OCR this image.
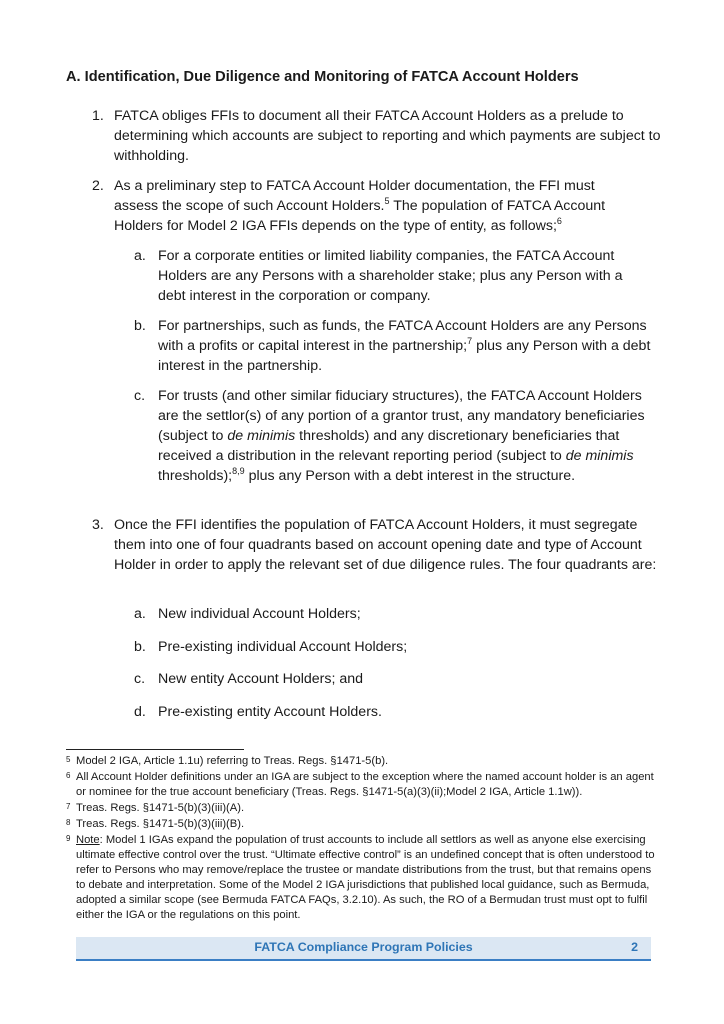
A. Identification, Due Diligence and Monitoring of FATCA Account Holders
1. FATCA obliges FFIs to document all their FATCA Account Holders as a prelude to determining which accounts are subject to reporting and which payments are subject to withholding.
2. As a preliminary step to FATCA Account Holder documentation, the FFI must assess the scope of such Account Holders.$^5$ The population of FATCA Account Holders for Model 2 IGA FFIs depends on the type of entity, as follows;$^6$
a. For a corporate entities or limited liability companies, the FATCA Account Holders are any Persons with a shareholder stake; plus any Person with a debt interest in the corporation or company.
b. For partnerships, such as funds, the FATCA Account Holders are any Persons with a profits or capital interest in the partnership;$^7$ plus any Person with a debt interest in the partnership.
c. For trusts (and other similar fiduciary structures), the FATCA Account Holders are the settlor(s) of any portion of a grantor trust, any mandatory beneficiaries (subject to de minimis thresholds) and any discretionary beneficiaries that received a distribution in the relevant reporting period (subject to de minimis thresholds);$^{8,9}$ plus any Person with a debt interest in the structure.
3. Once the FFI identifies the population of FATCA Account Holders, it must segregate them into one of four quadrants based on account opening date and type of Account Holder in order to apply the relevant set of due diligence rules. The four quadrants are:
a. New individual Account Holders;
b. Pre-existing individual Account Holders;
c. New entity Account Holders; and
d. Pre-existing entity Account Holders.

5 Model 2 IGA, Article 1.1u) referring to Treas. Regs. §1471-5(b).

6 All Account Holder definitions under an IGA are subject to the exception where the named account holder is an agent or nominee for the true account beneficiary (Treas. Regs. §1471-5(a)(3)(ii);Model 2 IGA, Article 1.1w)).

7 Treas. Regs. §1471-5(b)(3)(iii)(A).

8 Treas. Regs. §1471-5(b)(3)(iii)(B).

9 Note: Model 1 IGAs expand the population of trust accounts to include all settlors as well as anyone else exercising ultimate effective control over the trust. “Ultimate effective control” is an undefined concept that is often understood to refer to Persons who may remove/replace the trustee or mandate distributions from the trust, but that remains opens to debate and interpretation. Some of the Model 2 IGA jurisdictions that published local guidance, such as Bermuda, adopted a similar scope (see Bermuda FATCA FAQs, 3.2.10). As such, the RO of a Bermudan trust must opt to fulfil either the IGA or the regulations on this point.

FATCA Compliance Program Policies	2
